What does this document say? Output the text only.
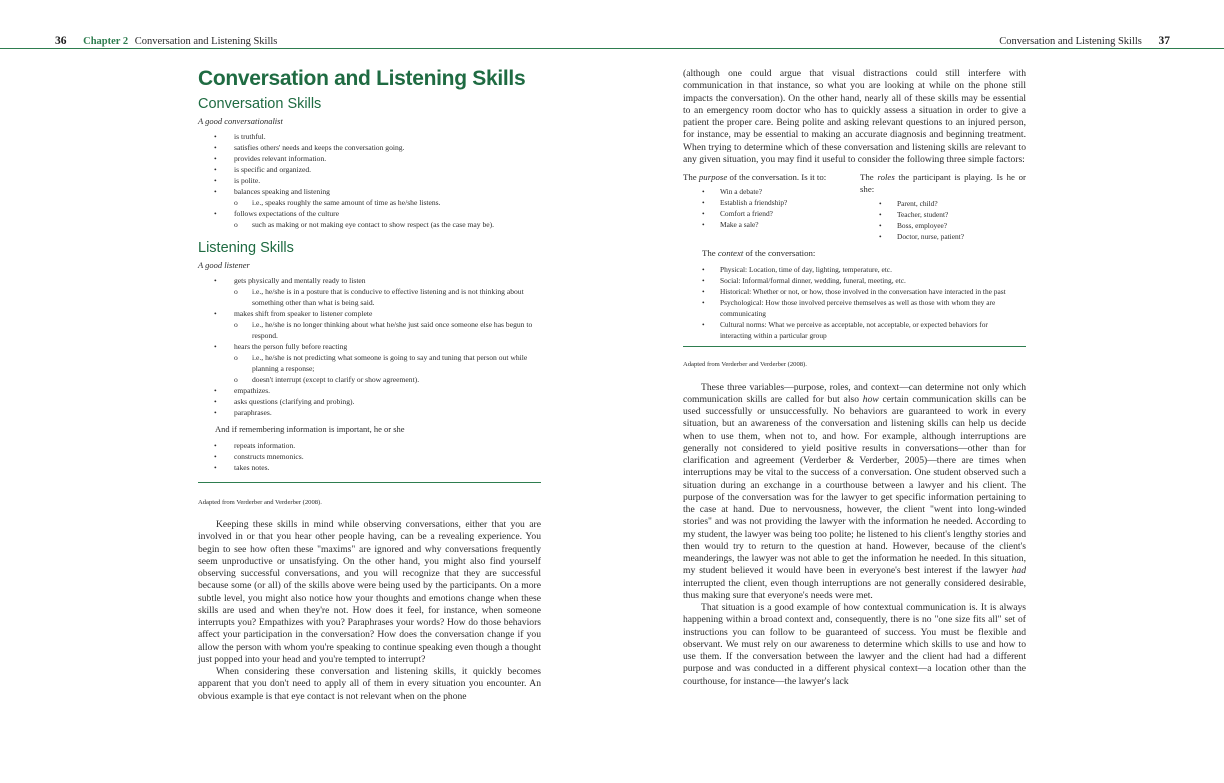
36 Chapter 2 Conversation and Listening Skills	Conversation and Listening Skills 37
Conversation and Listening Skills
Conversation Skills

A good conversationalist

• is truthful.
• satisfies others' needs and keeps the conversation going.
• provides relevant information.
• is specific and organized.
• is polite.
• balances speaking and listening
o i.e., speaks roughly the same amount of time as he/she listens.
• follows expectations of the culture
o such as making or not making eye contact to show respect (as the case may be).
Listening Skills

A good listener

• gets physically and mentally ready to listen
o i.e., he/she is in a posture that is conducive to effective listening and is not thinking about something other than what is being said.
• makes shift from speaker to listener complete
o i.e., he/she is no longer thinking about what he/she just said once someone else has begun to respond.
• hears the person fully before reacting
o i.e., he/she is not predicting what someone is going to say and tuning that person out while planning a response;
o doesn't interrupt (except to clarify or show agreement).
• empathizes.
• asks questions (clarifying and probing).
• paraphrases.

And if remembering information is important, he or she

• repeats information.
• constructs mnemonics.
• takes notes.
Adapted from Verderber and Verderber (2008).

Keeping these skills in mind while observing conversations, either that you are involved in or that you hear other people having, can be a revealing experience. You begin to see how often these "maxims" are ignored and why conversations frequently seem unproductive or unsatisfying. On the other hand, you might also find yourself observing successful conversations, and you will recognize that they are successful because some (or all) of the skills above were being used by the participants. On a more subtle level, you might also notice how your thoughts and emotions change when these skills are used and when they're not. How does it feel, for instance, when someone interrupts you? Empathizes with you? Paraphrases your words? How do those behaviors affect your participation in the conversation? How does the conversation change if you allow the person with whom you're speaking to continue speaking even though a thought just popped into your head and you're tempted to interrupt?

When considering these conversation and listening skills, it quickly becomes apparent that you don't need to apply all of them in every situation you encounter. An obvious example is that eye contact is not relevant when on the phone

(although one could argue that visual distractions could still interfere with communication in that instance, so what you are looking at while on the phone still impacts the conversation). On the other hand, nearly all of these skills may be essential to an emergency room doctor who has to quickly assess a situation in order to give a patient the proper care. Being polite and asking relevant questions to an injured person, for instance, may be essential to making an accurate diagnosis and beginning treatment. When trying to determine which of these conversation and listening skills are relevant to any given situation, you may find it useful to consider the following three simple factors:

The purpose of the conversation. Is it to:

• Win a debate?
• Establish a friendship?
• Comfort a friend?
• Make a sale?

The roles the participant is playing. Is he or she:

• Parent, child?
• Teacher, student?
• Boss, employee?
• Doctor, nurse, patient?

The context of the conversation:

• Physical: Location, time of day, lighting, temperature, etc.
• Social: Informal/formal dinner, wedding, funeral, meeting, etc.
• Historical: Whether or not, or how, those involved in the conversation have interacted in the past
• Psychological: How those involved perceive themselves as well as those with whom they are communicating
• Cultural norms: What we perceive as acceptable, not acceptable, or expected behaviors for interacting within a particular group
Adapted from Verderber and Verderber (2008).

These three variables—purpose, roles, and context—can determine not only which communication skills are called for but also how certain communication skills can be used successfully or unsuccessfully. No behaviors are guaranteed to work in every situation, but an awareness of the conversation and listening skills can help us decide when to use them, when not to, and how. For example, although interruptions are generally not considered to yield positive results in conversations—other than for clarification and agreement (Verderber & Verderber, 2005)—there are times when interruptions may be vital to the success of a conversation. One student observed such a situation during an exchange in a courthouse between a lawyer and his client. The purpose of the conversation was for the lawyer to get specific information pertaining to the case at hand. Due to nervousness, however, the client "went into long-winded stories" and was not providing the lawyer with the information he needed. According to my student, the lawyer was being too polite; he listened to his client's lengthy stories and then would try to return to the question at hand. However, because of the client's meanderings, the lawyer was not able to get the information he needed. In this situation, my student believed it would have been in everyone's best interest if the lawyer had interrupted the client, even though interruptions are not generally considered desirable, thus making sure that everyone's needs were met.

That situation is a good example of how contextual communication is. It is always happening within a broad context and, consequently, there is no "one size fits all" set of instructions you can follow to be guaranteed of success. You must be flexible and observant. We must rely on our awareness to determine which skills to use and how to use them. If the conversation between the lawyer and the client had had a different purpose and was conducted in a different physical context—a location other than the courthouse, for instance—the lawyer's lack
